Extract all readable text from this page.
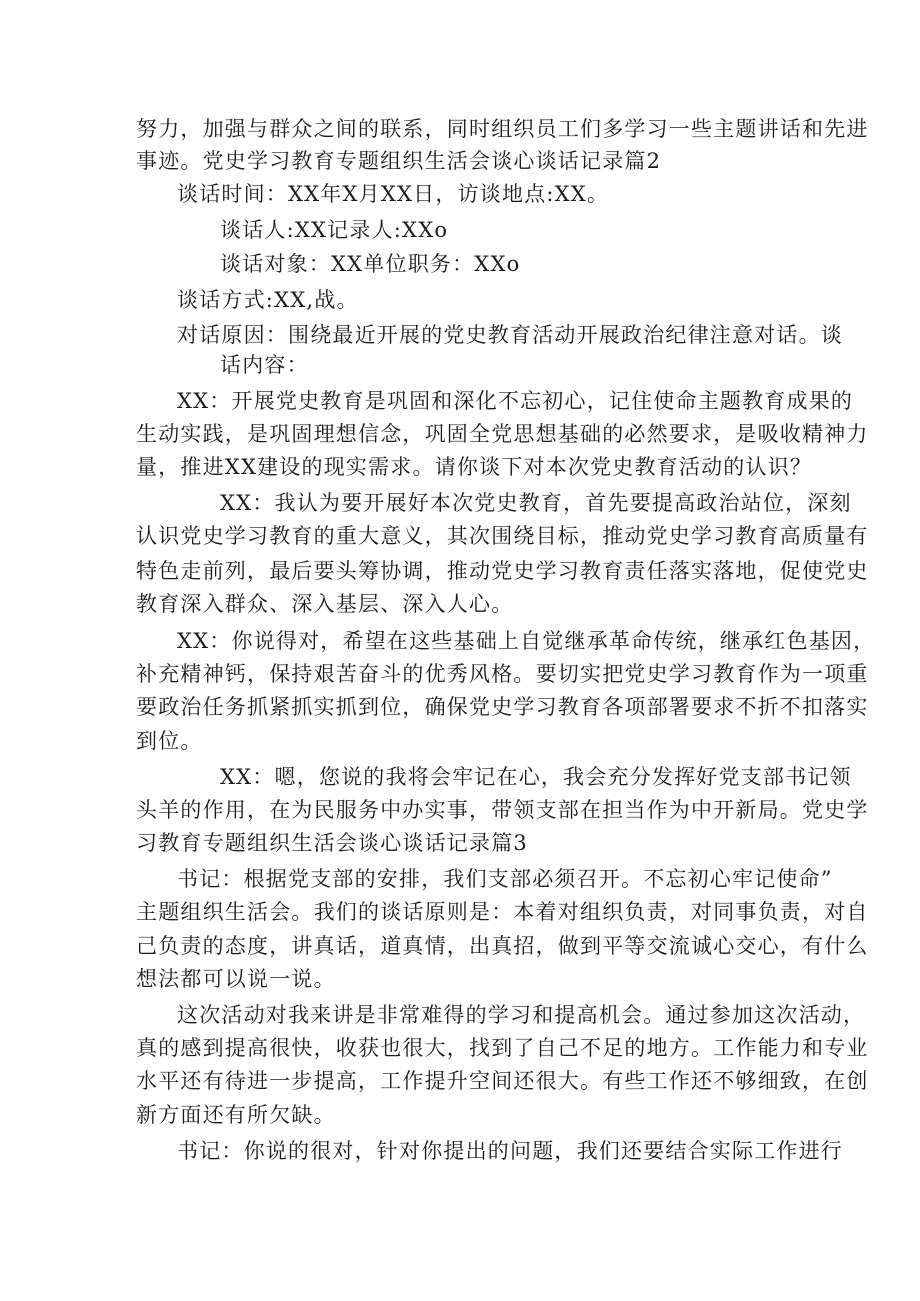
努力，加强与群众之间的联系，同时组织员工们多学习一些主题讲话和先进
事迹。党史学习教育专题组织生活会谈心谈话记录篇2
谈话时间：XX年X月XX日，访谈地点:XX。
谈话人:XX记录人:XXo
谈话对象：XX单位职务：XXo
谈话方式:XX,战。
对话原因：围绕最近开展的党史教育活动开展政治纪律注意对话。谈
话内容：
XX：开展党史教育是巩固和深化不忘初心，记住使命主题教育成果的
生动实践，是巩固理想信念，巩固全党思想基础的必然要求，是吸收精神力
量，推进XX建设的现实需求。请你谈下对本次党史教育活动的认识？
XX：我认为要开展好本次党史教育，首先要提高政治站位，深刻
认识党史学习教育的重大意义，其次围绕目标，推动党史学习教育高质量有
特色走前列，最后要头筹协调，推动党史学习教育责任落实落地，促使党史
教育深入群众、深入基层、深入人心。
XX：你说得对，希望在这些基础上自觉继承革命传统，继承红色基因，
补充精神钙，保持艰苦奋斗的优秀风格。要切实把党史学习教育作为一项重
要政治任务抓紧抓实抓到位，确保党史学习教育各项部署要求不折不扣落实
到位。
XX：嗯，您说的我将会牢记在心，我会充分发挥好党支部书记领
头羊的作用，在为民服务中办实事，带领支部在担当作为中开新局。党史学
习教育专题组织生活会谈心谈话记录篇3
书记：根据党支部的安排，我们支部必须召开。不忘初心牢记使命”
主题组织生活会。我们的谈话原则是：本着对组织负责，对同事负责，对自
己负责的态度，讲真话，道真情，出真招，做到平等交流诚心交心，有什么
想法都可以说一说。
这次活动对我来讲是非常难得的学习和提高机会。通过参加这次活动，
真的感到提高很快，收获也很大，找到了自己不足的地方。工作能力和专业
水平还有待进一步提高，工作提升空间还很大。有些工作还不够细致，在创
新方面还有所欠缺。
书记：你说的很对，针对你提出的问题，我们还要结合实际工作进行
